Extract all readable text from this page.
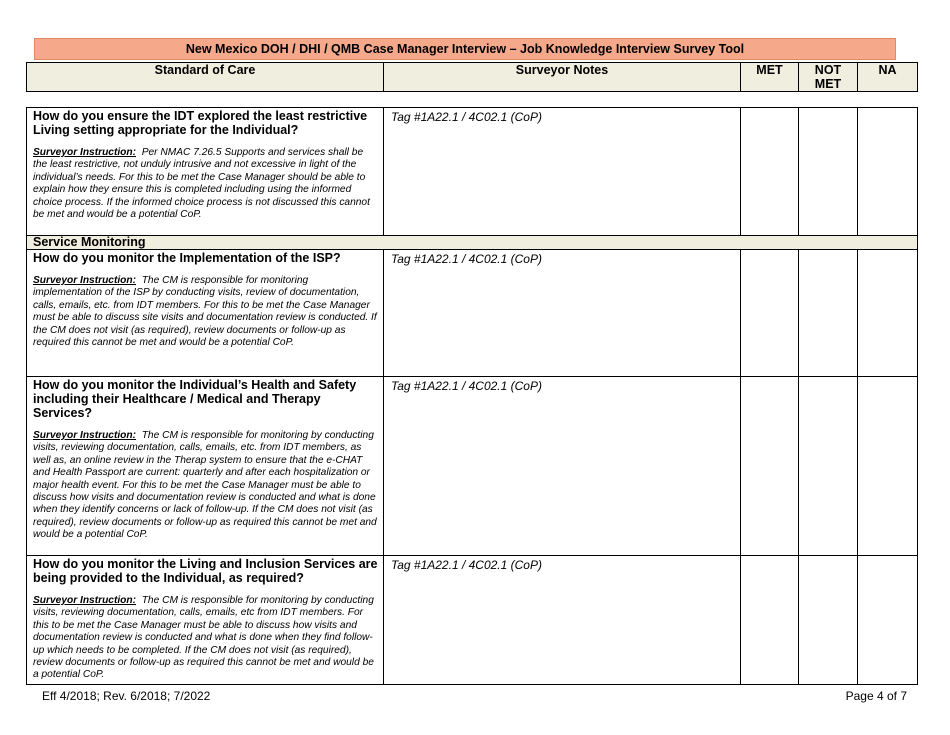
New Mexico DOH / DHI / QMB Case Manager Interview – Job Knowledge Interview Survey Tool
Standard of Care	Surveyor Notes	MET	NOT MET	NA

How do you ensure the IDT explored the least restrictive Living setting appropriate for the Individual?

Surveyor Instruction: Per NMAC 7.26.5 Supports and services shall be the least restrictive, not unduly intrusive and not excessive in light of the individual’s needs. For this to be met the Case Manager should be able to explain how they ensure this is completed including using the informed choice process. If the informed choice process is not discussed this cannot be met and would be a potential CoP.	Tag #1A22.1 / 4C02.1 (CoP)			
Service Monitoring				

How do you monitor the Implementation of the ISP?

Surveyor Instruction: The CM is responsible for monitoring implementation of the ISP by conducting visits, review of documentation, calls, emails, etc. from IDT members. For this to be met the Case Manager must be able to discuss site visits and documentation review is conducted. If the CM does not visit (as required), review documents or follow-up as required this cannot be met and would be a potential CoP.	Tag #1A22.1 / 4C02.1 (CoP)			

How do you monitor the Individual’s Health and Safety including their Healthcare / Medical and Therapy Services?

Surveyor Instruction: The CM is responsible for monitoring by conducting visits, reviewing documentation, calls, emails, etc. from IDT members, as well as, an online review in the Therap system to ensure that the e-CHAT and Health Passport are current: quarterly and after each hospitalization or major health event. For this to be met the Case Manager must be able to discuss how visits and documentation review is conducted and what is done when they identify concerns or lack of follow-up. If the CM does not visit (as required), review documents or follow-up as required this cannot be met and would be a potential CoP.	Tag #1A22.1 / 4C02.1 (CoP)			

How do you monitor the Living and Inclusion Services are being provided to the Individual, as required?

Surveyor Instruction: The CM is responsible for monitoring by conducting visits, reviewing documentation, calls, emails, etc from IDT members. For this to be met the Case Manager must be able to discuss how visits and documentation review is conducted and what is done when they find follow-up which needs to be completed. If the CM does not visit (as required), review documents or follow-up as required this cannot be met and would be a potential CoP.	Tag #1A22.1 / 4C02.1 (CoP)			
Eff 4/2018; Rev. 6/2018; 7/2022	Page 4 of 7
